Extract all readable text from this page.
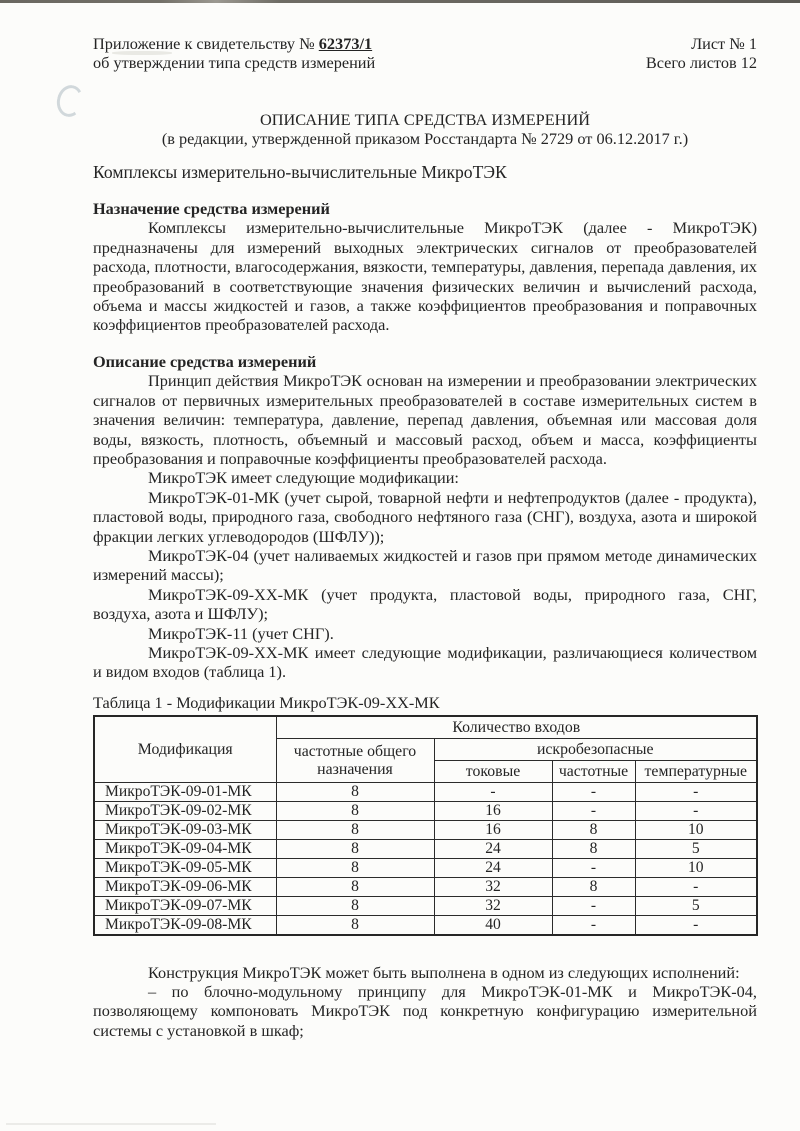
Приложение к свидетельству № 62373/1
об утверждении типа средств измерений
Лист № 1
Всего листов 12
ОПИСАНИЕ ТИПА СРЕДСТВА ИЗМЕРЕНИЙ
(в редакции, утвержденной приказом Росстандарта № 2729 от 06.12.2017 г.)
Комплексы измерительно-вычислительные МикроТЭК
Назначение средства измерений

Комплексы измерительно-вычислительные МикроТЭК (далее - МикроТЭК) предназначены для измерений выходных электрических сигналов от преобразователей расхода, плотности, влагосодержания, вязкости, температуры, давления, перепада давления, их преобразований в соответствующие значения физических величин и вычислений расхода, объема и массы жидкостей и газов, а также коэффициентов преобразования и поправочных коэффициентов преобразователей расхода.

Описание средства измерений

Принцип действия МикроТЭК основан на измерении и преобразовании электрических сигналов от первичных измерительных преобразователей в составе измерительных систем в значения величин: температура, давление, перепад давления, объемная или массовая доля воды, вязкость, плотность, объемный и массовый расход, объем и масса, коэффициенты преобразования и поправочные коэффициенты преобразователей расхода.

МикроТЭК имеет следующие модификации:

МикроТЭК-01-МК (учет сырой, товарной нефти и нефтепродуктов (далее - продукта), пластовой воды, природного газа, свободного нефтяного газа (СНГ), воздуха, азота и широкой фракции легких углеводородов (ШФЛУ));

МикроТЭК-04 (учет наливаемых жидкостей и газов при прямом методе динамических измерений массы);

МикроТЭК-09-ХХ-МК (учет продукта, пластовой воды, природного газа, СНГ, воздуха, азота и ШФЛУ);

МикроТЭК-11 (учет СНГ).

МикроТЭК-09-ХХ-МК имеет следующие модификации, различающиеся количеством и видом входов (таблица 1).

Таблица 1 - Модификации МикроТЭК-09-ХХ-МК
Модификация	Количество входов			
	частотные общего назначения	искробезопасные		
		токовые	частотные	температурные
МикроТЭК-09-01-МК	8	-	-	-
МикроТЭК-09-02-МК	8	16	-	-
МикроТЭК-09-03-МК	8	16	8	10
МикроТЭК-09-04-МК	8	24	8	5
МикроТЭК-09-05-МК	8	24	-	10
МикроТЭК-09-06-МК	8	32	8	-
МикроТЭК-09-07-МК	8	32	-	5
МикроТЭК-09-08-МК	8	40	-	-

Конструкция МикроТЭК может быть выполнена в одном из следующих исполнений:

– по блочно-модульному принципу для МикроТЭК-01-МК и МикроТЭК-04, позволяющему компоновать МикроТЭК под конкретную конфигурацию измерительной системы с установкой в шкаф;
